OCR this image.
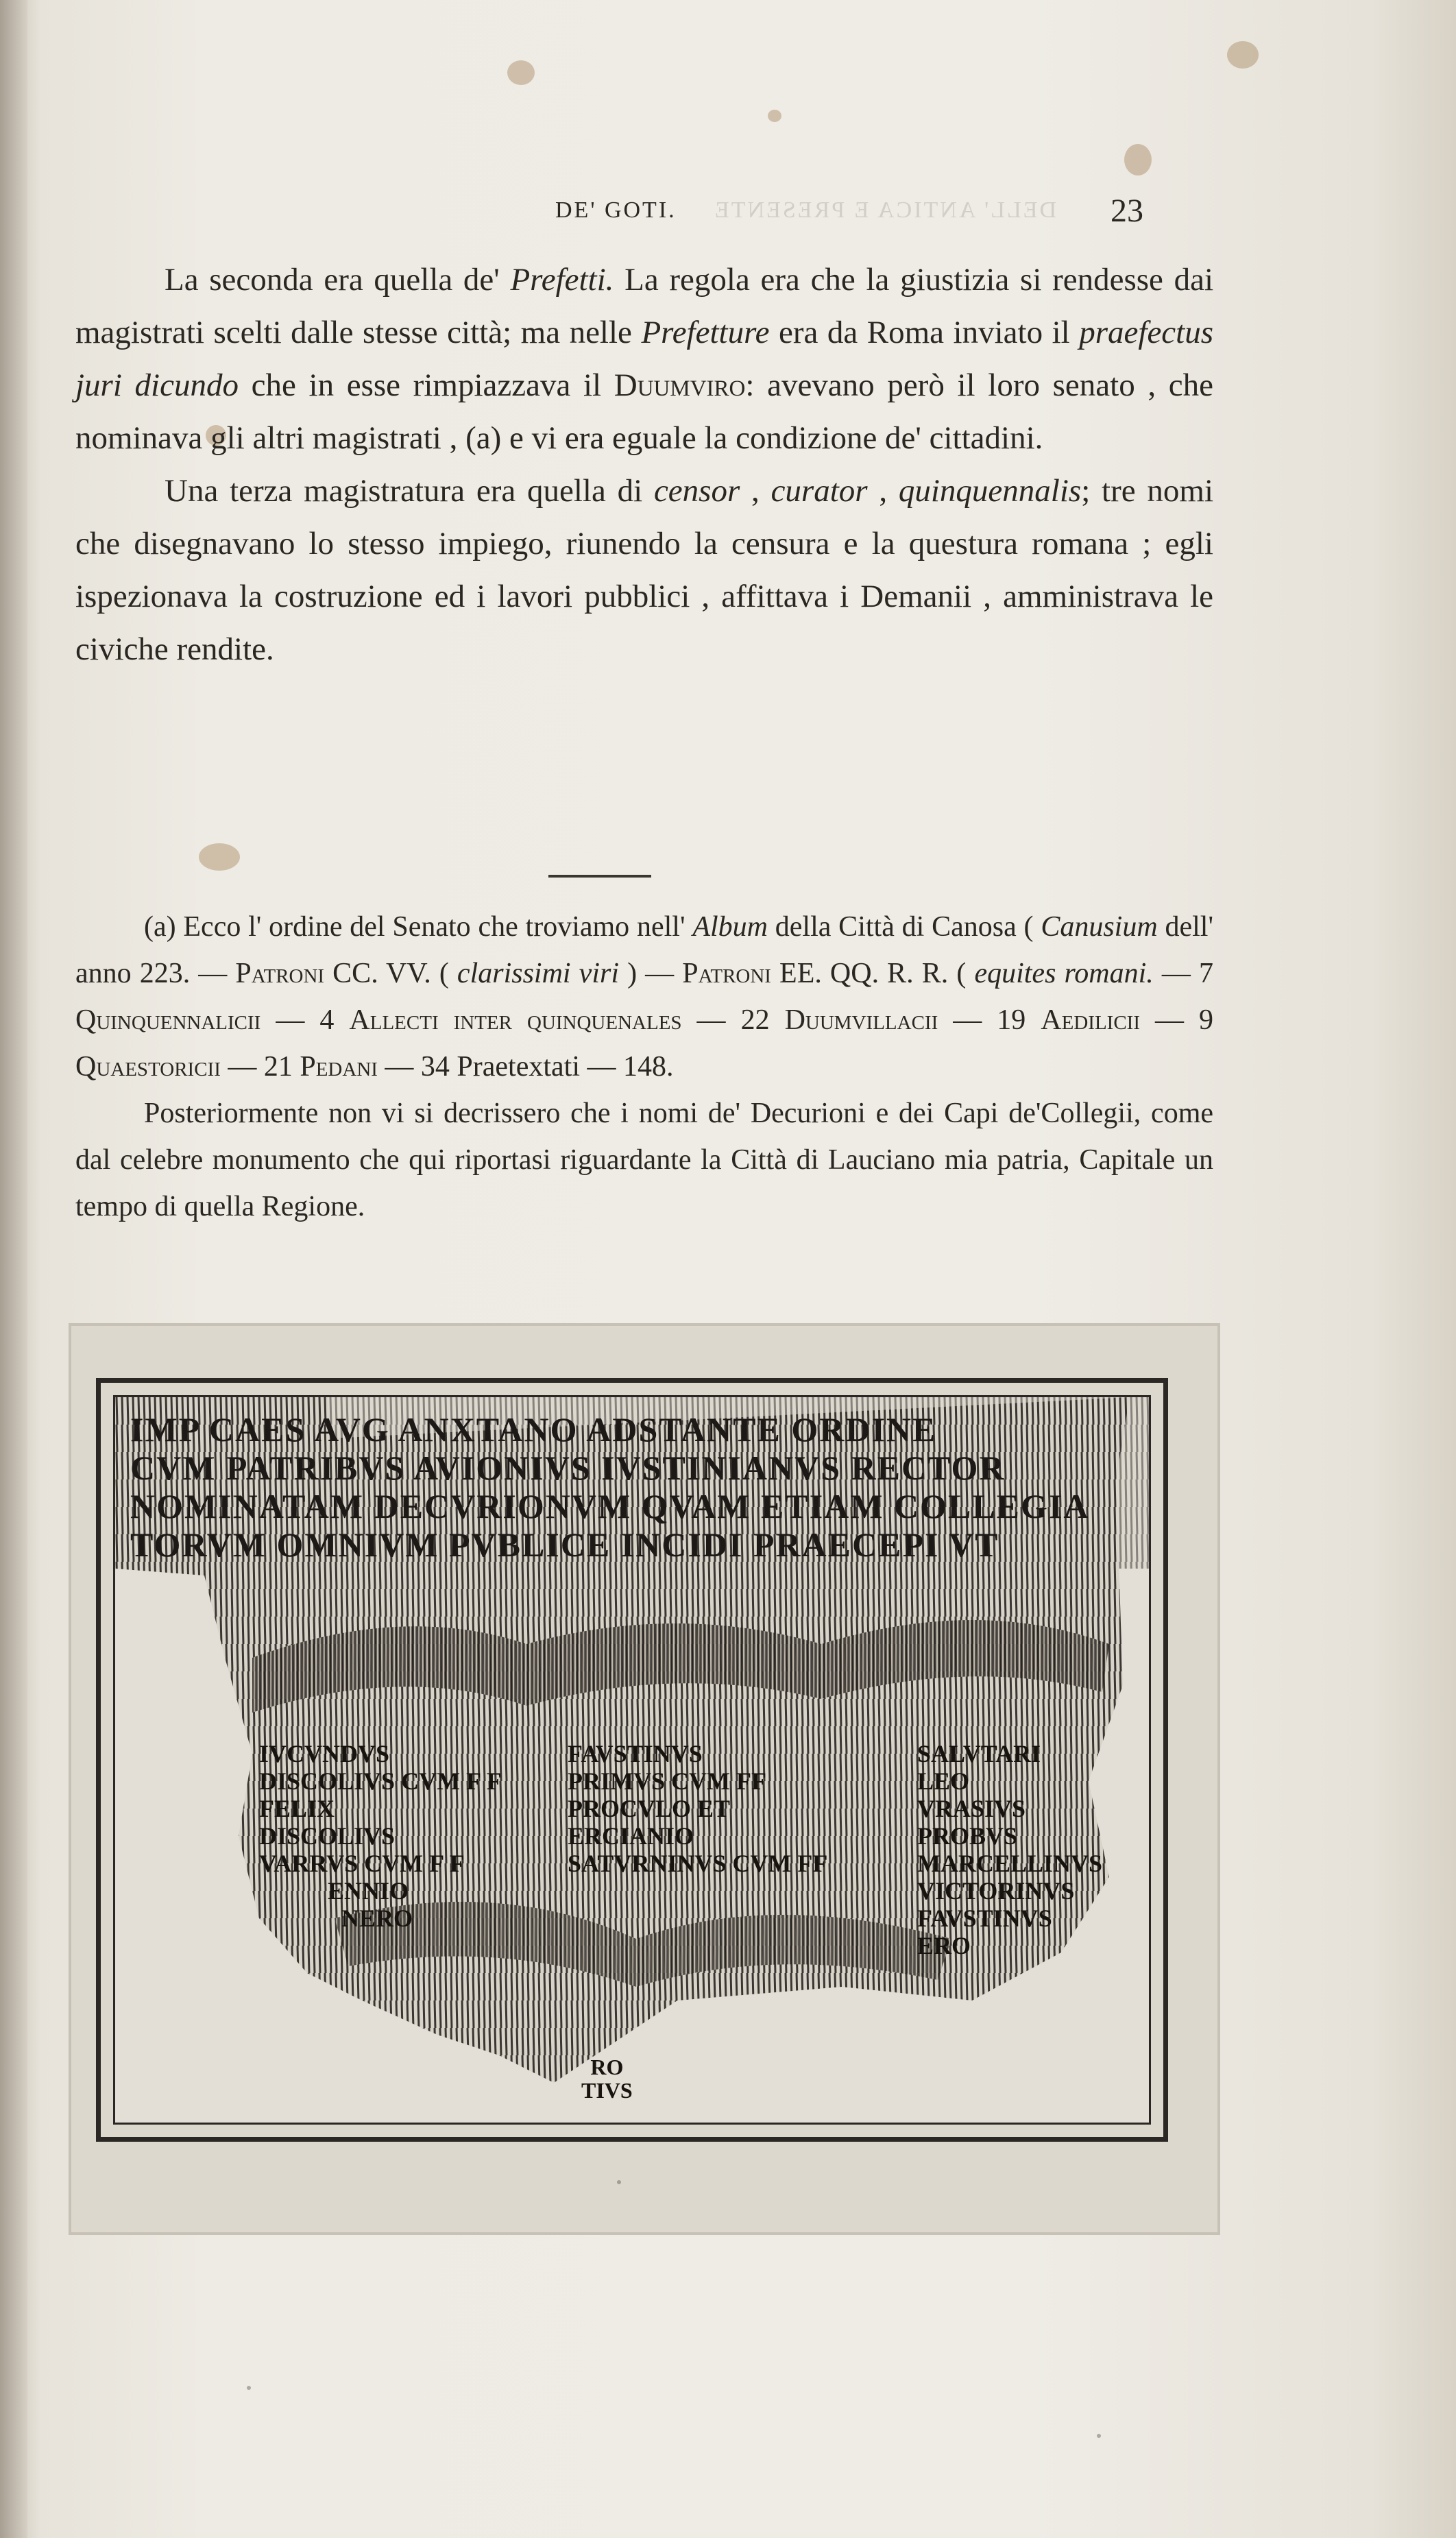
DELL' ANTICA E PRESENTE
DE' GOTI.	23

La seconda era quella de' Prefetti. La regola era che la giustizia si rendesse dai magistrati scelti dalle stesse città; ma nelle Prefetture era da Roma inviato il praefectus juri dicundo che in esse rimpiazzava il Duumviro: avevano però il loro senato , che nominava gli altri magistrati , (a) e vi era eguale la condizione de' cittadini.

Una terza magistratura era quella di censor , curator , quinquennalis; tre nomi che disegnavano lo stesso impiego, riunendo la censura e la questura romana ; egli ispezionava la costruzione ed i lavori pubblici , affittava i Demanii , amministrava le civiche rendite.

(a) Ecco l' ordine del Senato che troviamo nell' Album della Città di Canosa ( Canusium dell' anno 223. — Patroni CC. VV. ( clarissimi viri ) — Patroni EE. QQ. R. R. ( equites romani. — 7 Quinquennalicii — 4 Allecti inter quinquenales — 22 Duumvillacii — 19 Aedilicii — 9 Quaestoricii — 21 Pedani — 34 Praetextati — 148.

Posteriormente non vi si decrissero che i nomi de' Decurioni e dei Capi de'Collegii, come dal celebre monumento che qui riportasi riguardante la Città di Lauciano mia patria, Capitale un tempo di quella Regione.

IMP CAES AVG ANXTANO ADSTANTE ORDINE
CVM PATRIBVS AVIONIVS IVSTINIANVS RECTOR
NOMINATAM DECVRIONVM QVAM ETIAM COLLEGIA
TORVM OMNIVM PVBLICE INCIDI PRAECEPI VT
IVCVNDVS
DISCOLIVS CVM F F
FELIX
DISCOLIVS
VARRVS CVM F F
ENNIO
NERO
FAVSTINVS
PRIMVS CVM FF
PROCVLO ET
ERCIANIO
SATVRNINVS CVM FF
SALVTARI
LEO
VRASIVS
PROBVS
MARCELLINVS
VICTORINVS
FAVSTINVS
ERO
RO
TIVS
